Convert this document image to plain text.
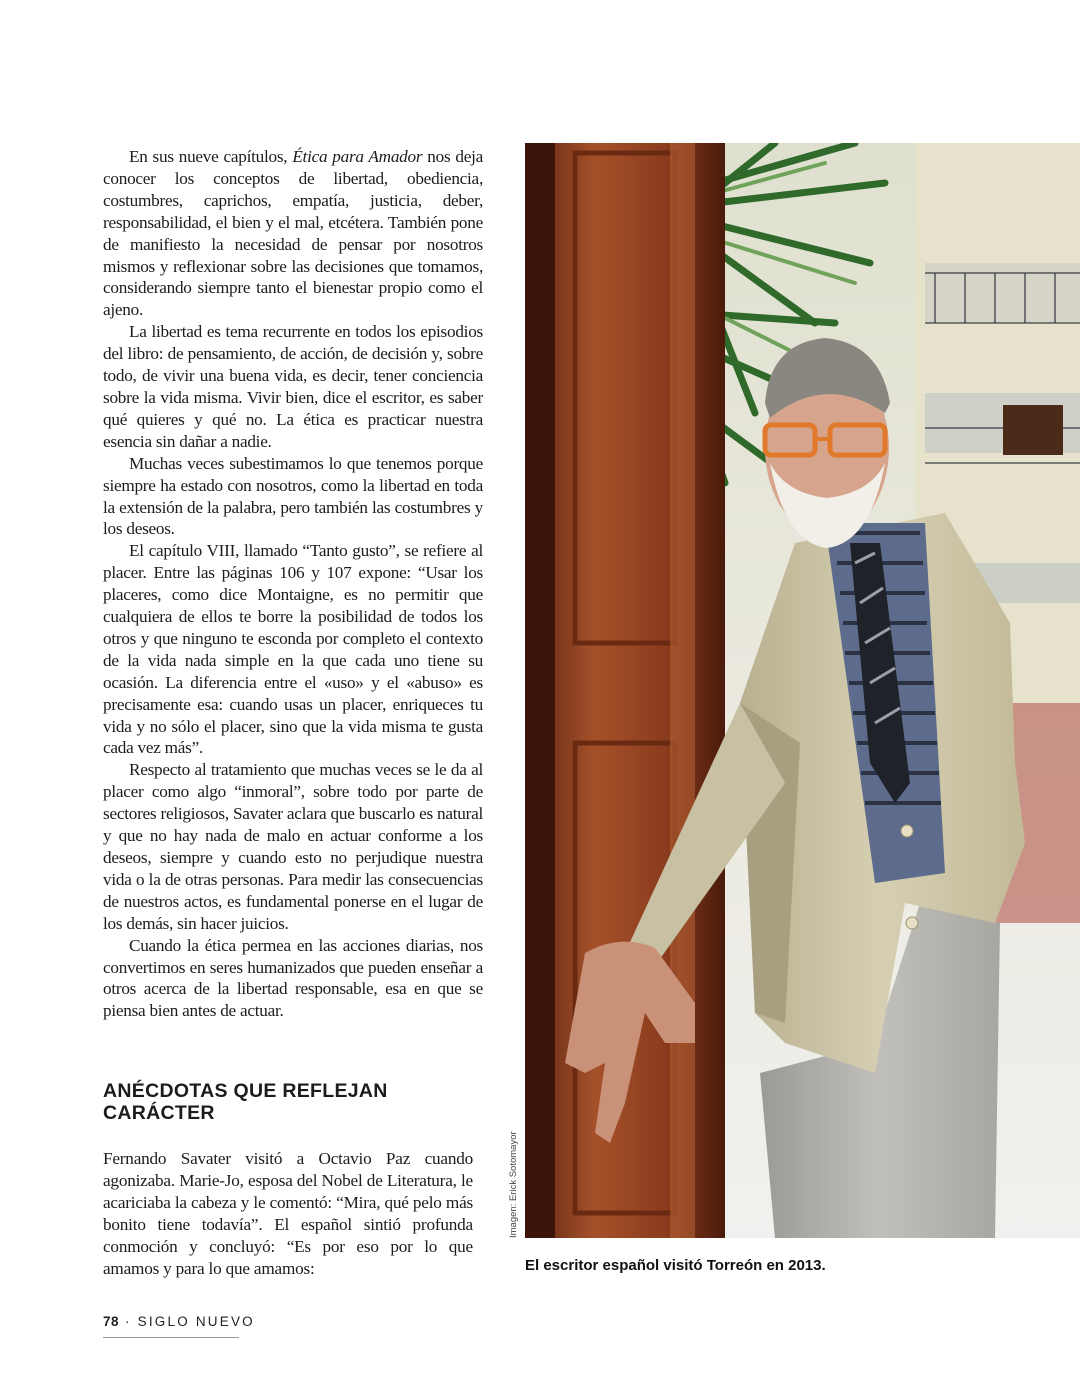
En sus nueve capítulos, Ética para Amador nos deja conocer los conceptos de libertad, obediencia, costumbres, caprichos, empatía, justicia, deber, responsabilidad, el bien y el mal, etcétera. También pone de manifiesto la necesidad de pensar por nosotros mismos y reflexionar sobre las decisiones que tomamos, considerando siempre tanto el bienestar propio como el ajeno.

La libertad es tema recurrente en todos los episodios del libro: de pensamiento, de acción, de decisión y, sobre todo, de vivir una buena vida, es decir, tener conciencia sobre la vida misma. Vivir bien, dice el escritor, es saber qué quieres y qué no. La ética es practicar nuestra esencia sin dañar a nadie.

Muchas veces subestimamos lo que tenemos porque siempre ha estado con nosotros, como la libertad en toda la extensión de la palabra, pero también las costumbres y los deseos.

El capítulo VIII, llamado “Tanto gusto”, se refiere al placer. Entre las páginas 106 y 107 expone: “Usar los placeres, como dice Montaigne, es no permitir que cualquiera de ellos te borre la posibilidad de todos los otros y que ninguno te esconda por completo el contexto de la vida nada simple en la que cada uno tiene su ocasión. La diferencia entre el «uso» y el «abuso» es precisamente esa: cuando usas un placer, enriqueces tu vida y no sólo el placer, sino que la vida misma te gusta cada vez más”.

Respecto al tratamiento que muchas veces se le da al placer como algo “inmoral”, sobre todo por parte de sectores religiosos, Savater aclara que buscarlo es natural y que no hay nada de malo en actuar conforme a los deseos, siempre y cuando esto no perjudique nuestra vida o la de otras personas. Para medir las consecuencias de nuestros actos, es fundamental ponerse en el lugar de los demás, sin hacer juicios.

Cuando la ética permea en las acciones diarias, nos convertimos en seres humanizados que pueden enseñar a otros acerca de la libertad responsable, esa en que se piensa bien antes de actuar.

ANÉCDOTAS QUE REFLEJAN CARÁCTER

Fernando Savater visitó a Octavio Paz cuando agonizaba. Marie-Jo, esposa del Nobel de Literatura, le acariciaba la cabeza y le comentó: “Mira, qué pelo más bonito tiene todavía”. El español sintió profunda conmoción y concluyó: “Es por eso por lo que amamos y para lo que amamos:

Imagen: Erick Sotomayor

El escritor español visitó Torreón en 2013.

78 · SIGLO NUEVO
